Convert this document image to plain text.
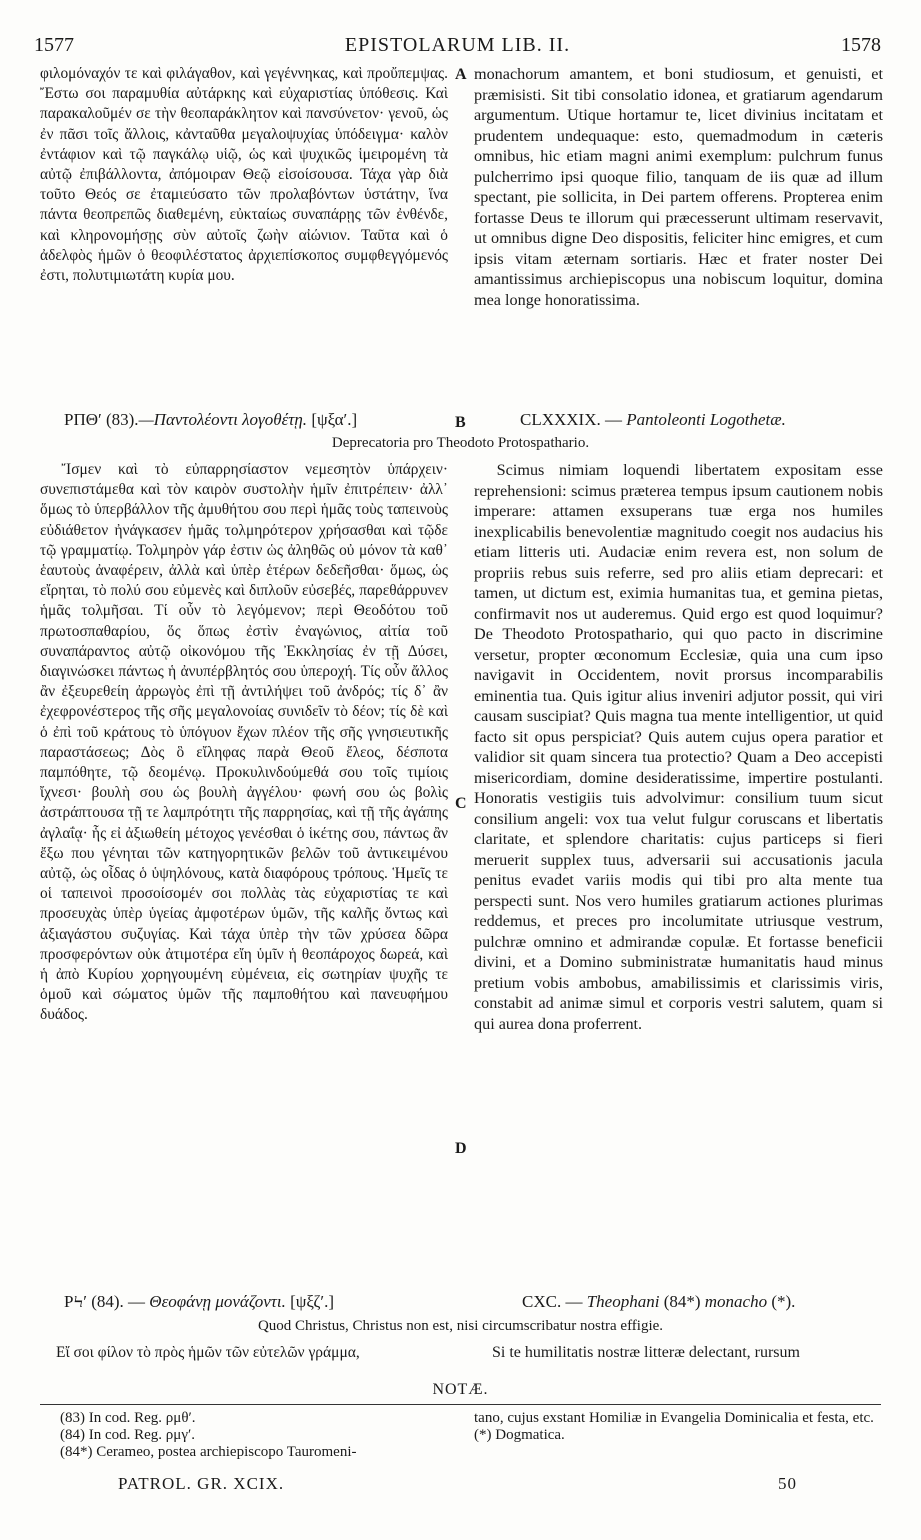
1577	EPISTOLARUM LIB. II.	1578

φιλομόναχόν τε καὶ φιλάγαθον, καὶ γεγέννηκας, καὶ προὔπεμψας. Ἔστω σοι παραμυθία αὐτάρκης καὶ εὐχαριστίας ὑπόθεσις. Καὶ παρακαλοῦμέν σε τὴν θεοπαράκλητον καὶ πανσύνετον· γενοῦ, ὡς ἐν πᾶσι τοῖς ἄλλοις, κἀνταῦθα μεγαλοψυχίας ὑπόδειγμα· καλὸν ἐντάφιον καὶ τῷ παγκάλῳ υἱῷ, ὡς καὶ ψυχικῶς ἱμειρομένη τὰ αὐτῷ ἐπιβάλλοντα, ἀπόμοιραν Θεῷ εἰσοίσουσα. Τάχα γὰρ διὰ τοῦτο Θεός σε ἐταμιεύσατο τῶν προλαβόντων ὑστάτην, ἵνα πάντα θεοπρεπῶς διαθεμένη, εὐκταίως συναπάρῃς τῶν ἐνθένδε, καὶ κληρονομήσῃς σὺν αὐτοῖς ζωὴν αἰώνιον. Ταῦτα καὶ ὁ ἀδελφὸς ἡμῶν ὁ θεοφιλέστατος ἀρχιεπίσκοπος συμφθεγγόμενός ἐστι, πολυτιμιωτάτη κυρία μου.

A monachorum amantem, et boni studiosum, et genuisti, et præmisisti. Sit tibi consolatio idonea, et gratiarum agendarum argumentum. Utique hortamur te, licet divinius incitatam et prudentem undequaque: esto, quemadmodum in cæteris omnibus, hic etiam magni animi exemplum: pulchrum funus pulcherrimo ipsi quoque filio, tanquam de iis quæ ad illum spectant, pie sollicita, in Dei partem offerens. Propterea enim fortasse Deus te illorum qui præcesserunt ultimam reservavit, ut omnibus digne Deo dispositis, feliciter hinc emigres, et cum ipsis vitam æternam sortiaris. Hæc et frater noster Dei amantissimus archiepiscopus una nobiscum loquitur, domina mea longe honoratissima.

ΡΠΘʹ (83).—Παντολέοντι λογοθέτῃ. [ψξαʹ.]	B	CLXXXIX. — Pantoleonti Logothetæ.
Deprecatoria pro Theodoto Protospathario.

Ἴσμεν καὶ τὸ εὐπαρρησίαστον νεμεσητὸν ὑπάρχειν· συνεπιστάμεθα καὶ τὸν καιρὸν συστολὴν ἡμῖν ἐπιτρέπειν· ἀλλ᾽ ὅμως τὸ ὑπερβάλλον τῆς ἀμυθήτου σου περὶ ἡμᾶς τοὺς ταπεινοὺς εὐδιάθετον ἠνάγκασεν ἡμᾶς τολμηρότερον χρήσασθαι καὶ τῷδε τῷ γραμματίῳ. Τολμηρὸν γάρ ἐστιν ὡς ἀληθῶς οὐ μόνον τὰ καθ᾽ ἑαυτοὺς ἀναφέρειν, ἀλλὰ καὶ ὑπὲρ ἑτέρων δεδεῆσθαι· ὅμως, ὡς εἴρηται, τὸ πολύ σου εὐμενὲς καὶ διπλοῦν εὐσεβές, παρεθάρρυνεν ἡμᾶς τολμῆσαι. Τί οὖν τὸ λεγόμενον; περὶ Θεοδότου τοῦ πρωτοσπαθαρίου, ὅς ὅπως ἐστὶν ἐναγώνιος, αἰτία τοῦ συναπάραντος αὐτῷ οἰκονόμου τῆς Ἐκκλησίας ἐν τῇ Δύσει, διαγινώσκει πάντως ἡ ἀνυπέρβλητός σου ὑπεροχή. Τίς οὖν ἄλλος ἂν ἐξευρεθείη ἀρρωγὸς ἐπὶ τῇ ἀντιλήψει τοῦ ἀνδρός; τίς δ᾽ ἂν ἐχεφρονέστερος τῆς σῆς μεγαλονοίας συνιδεῖν τὸ δέον; τίς δὲ καὶ ὁ ἐπὶ τοῦ κράτους τὸ ὑπόγυον ἔχων πλέον τῆς σῆς γνησιευτικῆς παραστάσεως; Δὸς ὃ εἴληφας παρὰ Θεοῦ ἔλεος, δέσποτα παμπόθητε, τῷ δεομένῳ. Προκυλινδούμεθά σου τοῖς τιμίοις ἴχνεσι· βουλὴ σου ὡς βουλὴ ἀγγέλου· φωνή σου ὡς βολὶς ἀστράπτουσα τῇ τε λαμπρότητι τῆς παρρησίας, καὶ τῇ τῆς ἀγάπης ἀγλαΐᾳ· ἧς εἰ ἀξιωθείη μέτοχος γενέσθαι ὁ ἱκέτης σου, πάντως ἂν ἔξω που γένηται τῶν κατηγορητικῶν βελῶν τοῦ ἀντικειμένου αὐτῷ, ὡς οἶδας ὁ ὑψηλόνους, κατὰ διαφόρους τρόπους. Ἡμεῖς τε οἱ ταπεινοὶ προσοίσομέν σοι πολλὰς τὰς εὐχαριστίας τε καὶ προσευχὰς ὑπὲρ ὑγείας ἀμφοτέρων ὑμῶν, τῆς καλῆς ὄντως καὶ ἀξιαγάστου συζυγίας. Καὶ τάχα ὑπὲρ τὴν τῶν χρύσεα δῶρα προσφερόντων οὐκ ἀτιμοτέρα εἴη ὑμῖν ἡ θεοπάροχος δωρεά, καὶ ἡ ἀπὸ Κυρίου χορηγουμένη εὐμένεια, εἰς σωτηρίαν ψυχῆς τε ὁμοῦ καὶ σώματος ὑμῶν τῆς παμποθήτου καὶ πανευφήμου δυάδος.

C
D

Scimus nimiam loquendi libertatem expositam esse reprehensioni: scimus præterea tempus ipsum cautionem nobis imperare: attamen exsuperans tuæ erga nos humiles inexplicabilis benevolentiæ magnitudo coegit nos audacius his etiam litteris uti. Audaciæ enim revera est, non solum de propriis rebus suis referre, sed pro aliis etiam deprecari: et tamen, ut dictum est, eximia humanitas tua, et gemina pietas, confirmavit nos ut auderemus. Quid ergo est quod loquimur? De Theodoto Protospathario, qui quo pacto in discrimine versetur, propter œconomum Ecclesiæ, quia una cum ipso navigavit in Occidentem, novit prorsus incomparabilis eminentia tua. Quis igitur alius inveniri adjutor possit, qui viri causam suscipiat? Quis magna tua mente intelligentior, ut quid facto sit opus perspiciat? Quis autem cujus opera paratior et validior sit quam sincera tua protectio? Quam a Deo accepisti misericordiam, domine desideratissime, impertire postulanti. Honoratis vestigiis tuis advolvimur: consilium tuum sicut consilium angeli: vox tua velut fulgur coruscans et libertatis claritate, et splendore charitatis: cujus particeps si fieri meruerit supplex tuus, adversarii sui accusationis jacula penitus evadet variis modis qui tibi pro alta mente tua perspecti sunt. Nos vero humiles gratiarum actiones plurimas reddemus, et preces pro incolumitate utriusque vestrum, pulchræ omnino et admirandæ copulæ. Et fortasse beneficii divini, et a Domino subministratæ humanitatis haud minus pretium vobis ambobus, amabilissimis et clarissimis viris, constabit ad animæ simul et corporis vestri salutem, quam si qui aurea dona proferrent.

ΡϞʹ (84). — Θεοφάνῃ μονάζοντι. [ψξζʹ.]	CXC. — Theophani (84*) monacho (*).
Quod Christus, Christus non est, nisi circumscribatur nostra effigie.
Εἴ σοι φίλον τὸ πρὸς ἡμῶν τῶν εὐτελῶν γράμμα,	Si te humilitatis nostræ litteræ delectant, rursum
NOTÆ.
(83) In cod. Reg. ρμθʹ.
(84) In cod. Reg. ρμγʹ.
(84*) Cerameo, postea archiepiscopo Tauromeni-
tano, cujus exstant Homiliæ in Evangelia Dominicalia et festa, etc.
(*) Dogmatica.
PATROL. GR. XCIX.	50
